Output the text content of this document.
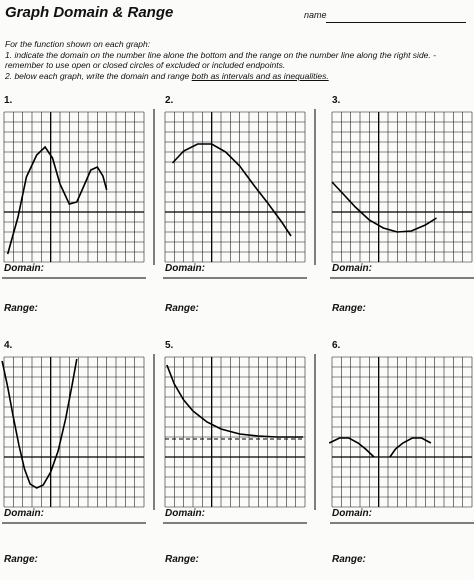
Graph Domain & Range	name

For the function shown on each graph:

1. indicate the domain on the number line alone the bottom and the range on the number line along the right side. -remember to use open or closed circles of excluded or included endpoints.

2. below each graph, write the domain and range both as intervals and as inequalities.

1.
Domain:
Range:
2.
Domain:
Range:
3.
Domain:
Range:
4.
Domain:
Range:
5.
Domain:
Range:
6.
Domain:
Range:
